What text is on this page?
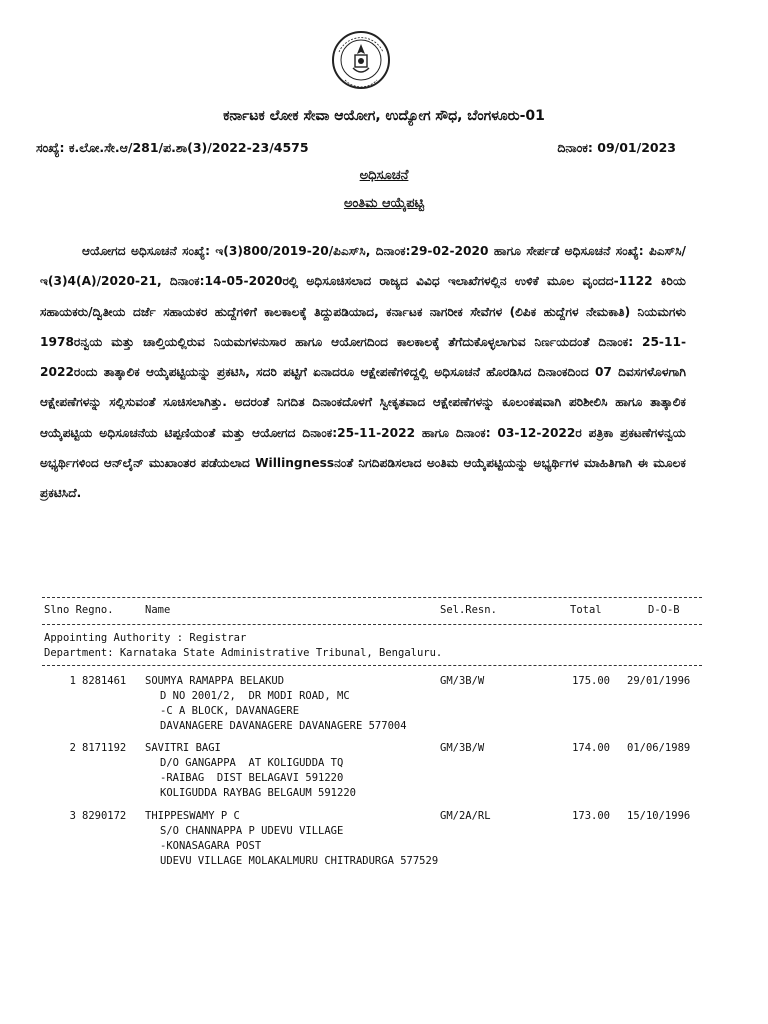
ಕರ್ನಾಟಕ ಲೋಕ ಸೇವಾ ಆಯೋಗ, ಉದ್ಯೋಗ ಸೌಧ, ಬೆಂಗಳೂರು-01
ಸಂಖ್ಯೆ: ಕ.ಲೋ.ಸೇ.ಆ/281/ಪ.ಶಾ(3)/2022-23/4575	ದಿನಾಂಕ: 09/01/2023
ಅಧಿಸೂಚನೆ
ಅಂತಿಮ ಆಯ್ಕೆಪಟ್ಟಿ
ಆಯೋಗದ ಅಧಿಸೂಚನೆ ಸಂಖ್ಯೆ: ಇ(3)800/2019-20/ಪಿಎಸ್‌ಸಿ, ದಿನಾಂಕ:29-02-2020 ಹಾಗೂ ಸೇರ್ಪಡೆ ಅಧಿಸೂಚನೆ ಸಂಖ್ಯೆ: ಪಿಎಸ್‌ಸಿ/ಇ(3)4(A)/2020-21, ದಿನಾಂಕ:14-05-2020ರಲ್ಲಿ ಅಧಿಸೂಚಿಸಲಾದ ರಾಜ್ಯದ ವಿವಿಧ ಇಲಾಖೆಗಳಲ್ಲಿನ ಉಳಿಕೆ ಮೂಲ ವೃಂದದ-1122 ಕಿರಿಯ ಸಹಾಯಕರು/ದ್ವಿತೀಯ ದರ್ಜೆ ಸಹಾಯಕರ ಹುದ್ದೆಗಳಿಗೆ ಕಾಲಕಾಲಕ್ಕೆ ತಿದ್ದುಪಡಿಯಾದ, ಕರ್ನಾಟಕ ನಾಗರೀಕ ಸೇವೆಗಳ (ಲಿಪಿಕ ಹುದ್ದೆಗಳ ನೇಮಕಾತಿ) ನಿಯಮಗಳು 1978ರನ್ವಯ ಮತ್ತು ಚಾಲ್ತಿಯಲ್ಲಿರುವ ನಿಯಮಗಳನುಸಾರ ಹಾಗೂ ಆಯೋಗದಿಂದ ಕಾಲಕಾಲಕ್ಕೆ ತೆಗೆದುಕೊಳ್ಳಲಾಗುವ ನಿರ್ಣಯದಂತೆ ದಿನಾಂಕ: 25-11-2022ರಂದು ತಾತ್ಕಾಲಿಕ ಆಯ್ಕೆಪಟ್ಟಿಯನ್ನು ಪ್ರಕಟಿಸಿ, ಸದರಿ ಪಟ್ಟಿಗೆ ಏನಾದರೂ ಆಕ್ಷೇಪಣೆಗಳಿದ್ದಲ್ಲಿ ಅಧಿಸೂಚನೆ ಹೊರಡಿಸಿದ ದಿನಾಂಕದಿಂದ 07 ದಿವಸಗಳೊಳಗಾಗಿ ಆಕ್ಷೇಪಣೆಗಳನ್ನು ಸಲ್ಲಿಸುವಂತೆ ಸೂಚಿಸಲಾಗಿತ್ತು. ಅದರಂತೆ ನಿಗದಿತ ದಿನಾಂಕದೊಳಗೆ ಸ್ವೀಕೃತವಾದ ಆಕ್ಷೇಪಣೆಗಳನ್ನು ಕೂಲಂಕಷವಾಗಿ ಪರಿಶೀಲಿಸಿ ಹಾಗೂ ತಾತ್ಕಾಲಿಕ ಆಯ್ಕೆಪಟ್ಟಿಯ ಅಧಿಸೂಚನೆಯ ಟಿಪ್ಪಣಿಯಂತೆ ಮತ್ತು ಆಯೋಗದ ದಿನಾಂಕ:25-11-2022 ಹಾಗೂ ದಿನಾಂಕ: 03-12-2022ರ ಪತ್ರಿಕಾ ಪ್ರಕಟಣೆಗಳನ್ವಯ ಅಭ್ಯರ್ಥಿಗಳಿಂದ ಆನ್‌ಲೈನ್ ಮುಖಾಂತರ ಪಡೆಯಲಾದ Willingnessನಂತೆ ನಿಗದಿಪಡಿಸಲಾದ ಅಂತಿಮ ಆಯ್ಕೆಪಟ್ಟಿಯನ್ನು ಅಭ್ಯರ್ಥಿಗಳ ಮಾಹಿತಿಗಾಗಿ ಈ ಮೂಲಕ ಪ್ರಕಟಿಸಿದೆ.
Slno Regno.	Name	Sel.Resn.	Total	D-O-B
Appointing Authority : Registrar
Department: Karnataka State Administrative Tribunal, Bengaluru.
1 8281461 SOUMYA RAMAPPA BELAKUD	GM/3B/W	175.00 29/01/1996
D NO 2001/2,  DR MODI ROAD, MC
-C A BLOCK, DAVANAGERE
DAVANAGERE DAVANAGERE DAVANAGERE 577004
2 8171192 SAVITRI BAGI	GM/3B/W	174.00 01/06/1989
D/O GANGAPPA  AT KOLIGUDDA TQ
-RAIBAG  DIST BELAGAVI 591220
KOLIGUDDA RAYBAG BELGAUM 591220
3 8290172 THIPPESWAMY P C	GM/2A/RL	173.00 15/10/1996
S/O CHANNAPPA P UDEVU VILLAGE
-KONASAGARA POST
UDEVU VILLAGE MOLAKALMURU CHITRADURGA 577529
